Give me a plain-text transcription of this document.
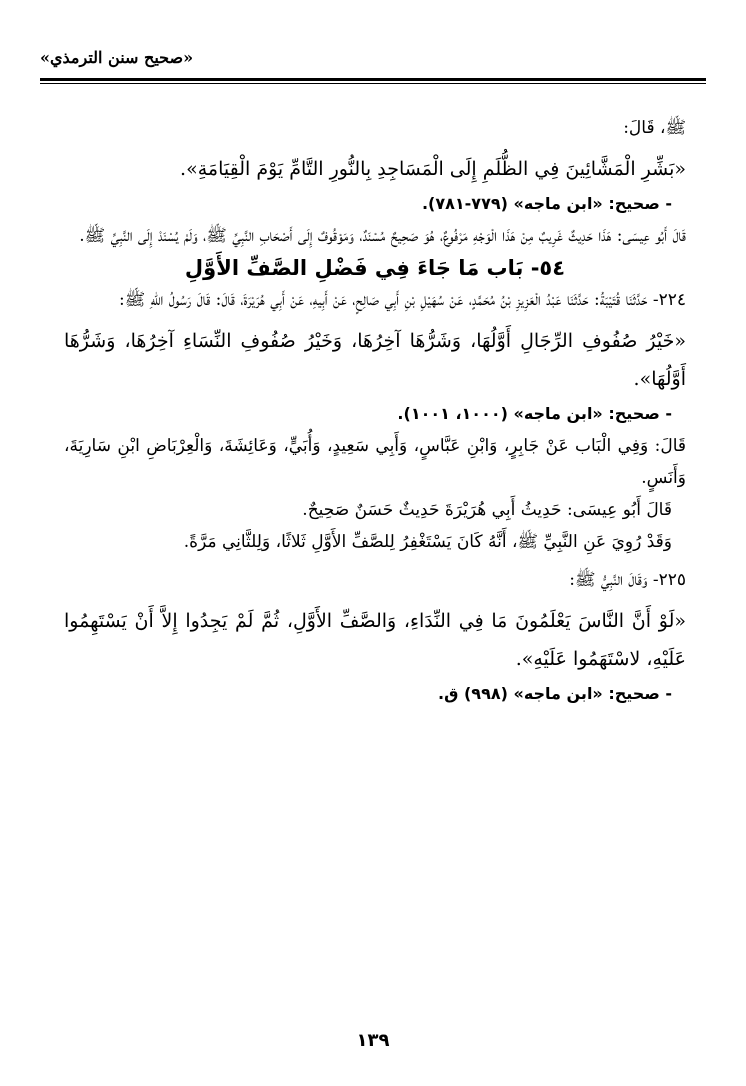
«صحيح سنن الترمذي»

ﷺ، قَالَ:

«بَشِّرِ الْمَشَّائِينَ فِي الظُّلَمِ إِلَى الْمَسَاجِدِ بِالنُّورِ التَّامِّ يَوْمَ الْقِيَامَةِ».

- صحيح: «ابن ماجه» (٧٧٩-٧٨١).

قَالَ أَبُو عِيسَى: هَذَا حَدِيثٌ غَرِيبٌ مِنْ هَذَا الْوَجْهِ مَرْفُوعٌ، هُوَ صَحِيحٌ مُسْنَدٌ، وَمَوْقُوفٌ إِلَى أَصْحَابِ النَّبِيِّ ﷺ، وَلَمْ يُسْنَدْ إِلَى النَّبِيِّ ﷺ.

٥٤- بَاب مَا جَاءَ فِي فَضْلِ الصَّفِّ الأَوَّلِ

٢٢٤- حَدَّثَنَا قُتَيْبَةُ: حَدَّثَنَا عَبْدُ الْعَزِيزِ بْنُ مُحَمَّدٍ، عَنْ سُهَيْلِ بْنِ أَبِي صَالِحٍ، عَنْ أَبِيهِ، عَنْ أَبِي هُرَيْرَةَ، قَالَ: قَالَ رَسُولُ اللهِ ﷺ:

«خَيْرُ صُفُوفِ الرِّجَالِ أَوَّلُهَا، وَشَرُّهَا آخِرُهَا، وَخَيْرُ صُفُوفِ النِّسَاءِ آخِرُهَا، وَشَرُّهَا أَوَّلُهَا».

- صحيح: «ابن ماجه» (١٠٠٠، ١٠٠١).

قَالَ: وَفِي الْبَاب عَنْ جَابِرٍ، وَابْنِ عَبَّاسٍ، وَأَبِي سَعِيدٍ، وَأُبَيٍّ، وَعَائِشَةَ، وَالْعِرْبَاضِ ابْنِ سَارِيَةَ، وَأَنَسٍ.

قَالَ أَبُو عِيسَى: حَدِيثُ أَبِي هُرَيْرَةَ حَدِيثٌ حَسَنٌ صَحِيحٌ.

وَقَدْ رُوِيَ عَنِ النَّبِيِّ ﷺ، أَنَّهُ كَانَ يَسْتَغْفِرُ لِلصَّفِّ الأَوَّلِ ثَلاثًا، وَلِلثَّانِي مَرَّةً.

٢٢٥- وَقَالَ النَّبِيُّ ﷺ:

«لَوْ أَنَّ النَّاسَ يَعْلَمُونَ مَا فِي النِّدَاءِ، وَالصَّفِّ الأَوَّلِ، ثُمَّ لَمْ يَجِدُوا إِلاَّ أَنْ يَسْتَهِمُوا عَلَيْهِ، لاسْتَهَمُوا عَلَيْهِ».

- صحيح: «ابن ماجه» (٩٩٨) ق.

١٣٩
